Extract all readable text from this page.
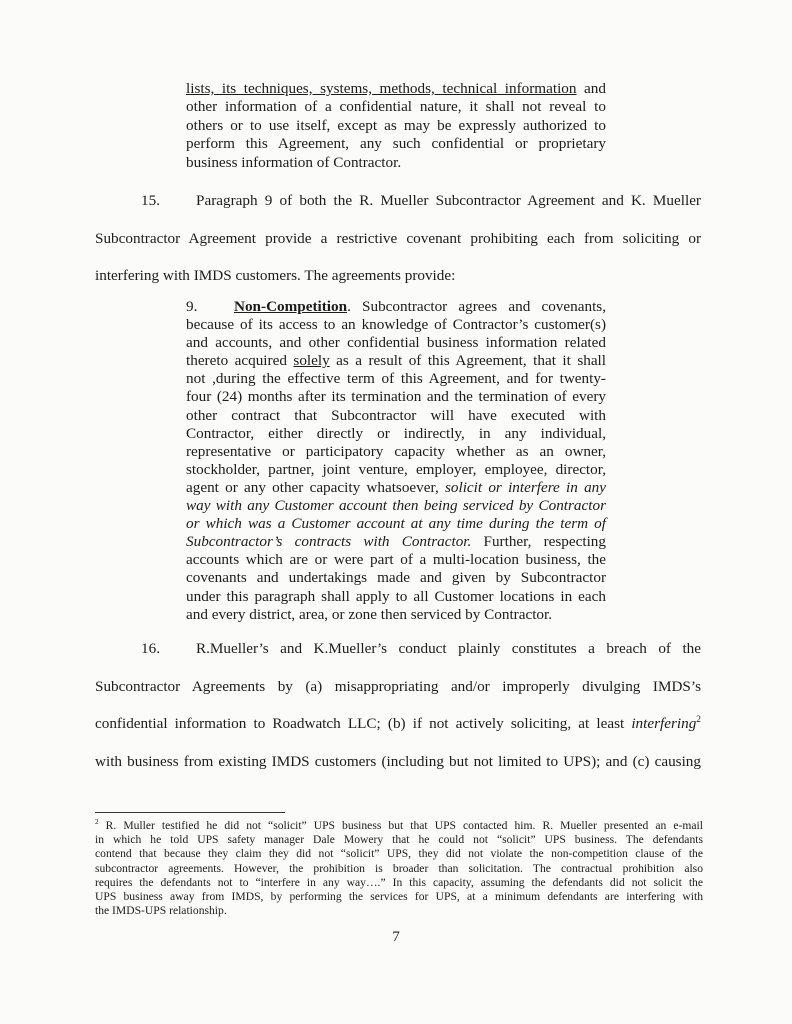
lists, its techniques, systems, methods, technical information and other information of a confidential nature, it shall not reveal to others or to use itself, except as may be expressly authorized to perform this Agreement, any such confidential or proprietary business information of Contractor.
15. Paragraph 9 of both the R. Mueller Subcontractor Agreement and K. Mueller
Subcontractor Agreement provide a restrictive covenant prohibiting each from soliciting or
interfering with IMDS customers. The agreements provide:
9. Non-Competition. Subcontractor agrees and covenants,
because of its access to an knowledge of Contractor’s customer(s)
and accounts, and other confidential business information related
thereto acquired solely as a result of this Agreement, that it shall
not ,during the effective term of this Agreement, and for twenty-
four (24) months after its termination and the termination of every
other contract that Subcontractor will have executed with
Contractor, either directly or indirectly, in any individual,
representative or participatory capacity whether as an owner,
stockholder, partner, joint venture, employer, employee, director,
agent or any other capacity whatsoever, solicit or interfere in any
way with any Customer account then being serviced by Contractor
or which was a Customer account at any time during the term of
Subcontractor’s contracts with Contractor. Further, respecting
accounts which are or were part of a multi-location business, the
covenants and undertakings made and given by Subcontractor
under this paragraph shall apply to all Customer locations in each
and every district, area, or zone then serviced by Contractor.
16. R.Mueller’s and K.Mueller’s conduct plainly constitutes a breach of the
Subcontractor Agreements by (a) misappropriating and/or improperly divulging IMDS’s
confidential information to Roadwatch LLC; (b) if not actively soliciting, at least interfering$^2$
with business from existing IMDS customers (including but not limited to UPS); and (c) causing
$^2$ R. Muller testified he did not “solicit” UPS business but that UPS contacted him. R. Mueller presented an e-mail
in which he told UPS safety manager Dale Mowery that he could not “solicit” UPS business. The defendants
contend that because they claim they did not “solicit” UPS, they did not violate the non-competition clause of the
subcontractor agreements. However, the prohibition is broader than solicitation. The contractual prohibition also
requires the defendants not to “interfere in any way….” In this capacity, assuming the defendants did not solicit the
UPS business away from IMDS, by performing the services for UPS, at a minimum defendants are interfering with
the IMDS-UPS relationship.
7
